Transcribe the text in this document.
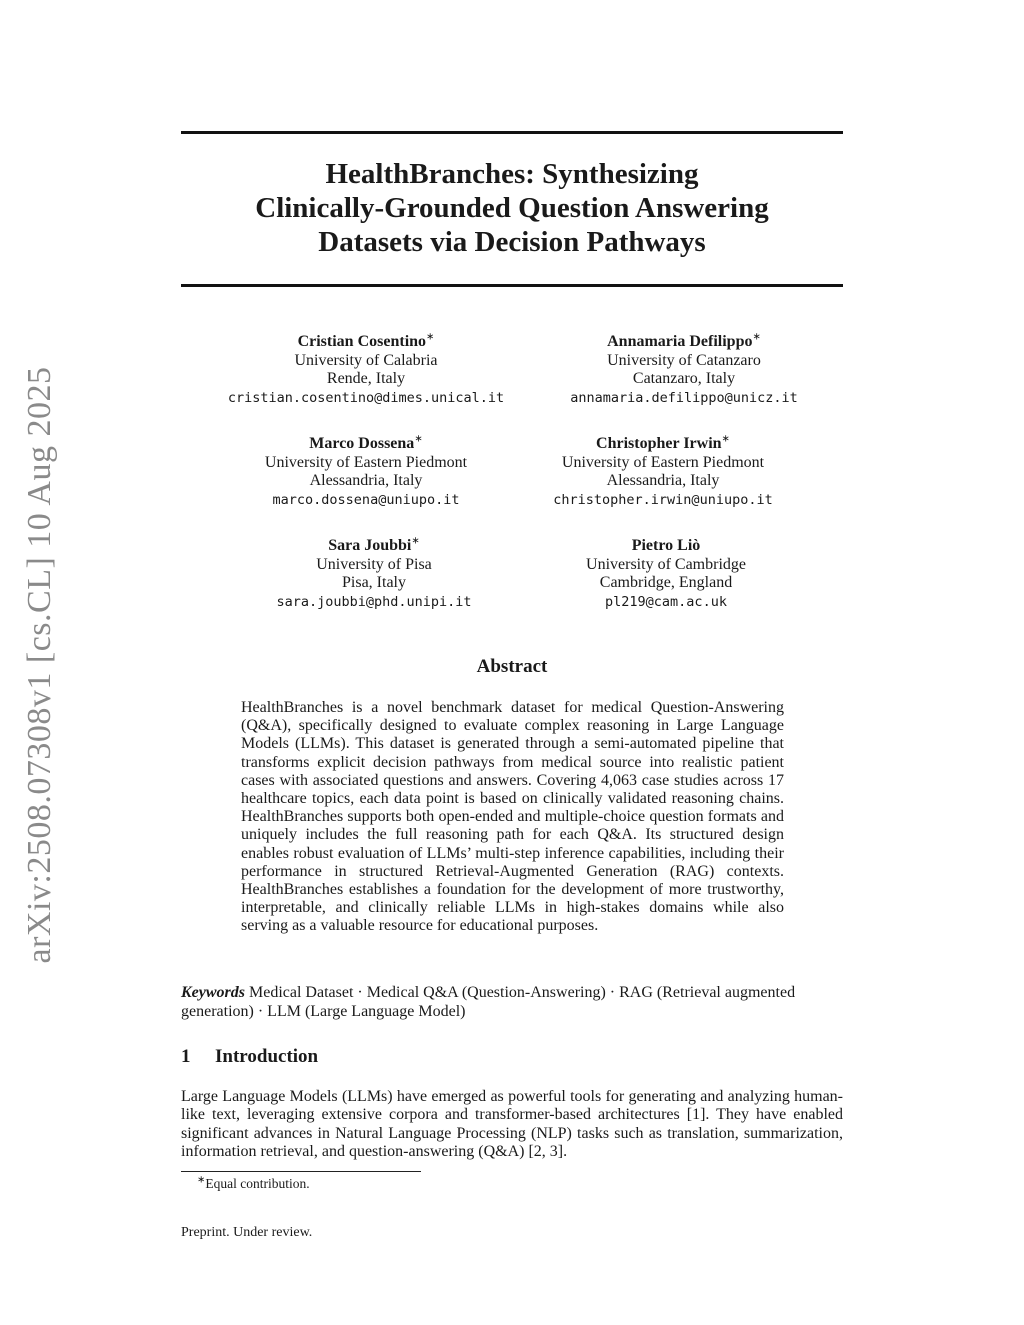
arXiv:2508.07308v1 [cs.CL] 10 Aug 2025
HealthBranches: Synthesizing
Clinically-Grounded Question Answering
Datasets via Decision Pathways
Cristian Cosentino∗
University of Calabria
Rende, Italy
cristian.cosentino@dimes.unical.it
Annamaria Defilippo∗
University of Catanzaro
Catanzaro, Italy
annamaria.defilippo@unicz.it
Marco Dossena∗
University of Eastern Piedmont
Alessandria, Italy
marco.dossena@uniupo.it
Christopher Irwin∗
University of Eastern Piedmont
Alessandria, Italy
christopher.irwin@uniupo.it
Sara Joubbi∗
University of Pisa
Pisa, Italy
sara.joubbi@phd.unipi.it
Pietro Liò
University of Cambridge
Cambridge, England
pl219@cam.ac.uk
Abstract
HealthBranches is a novel benchmark dataset for medical Question-Answering (Q&A), specifically designed to evaluate complex reasoning in Large Language Models (LLMs). This dataset is generated through a semi-automated pipeline that transforms explicit decision pathways from medical source into realistic patient cases with associated questions and answers. Covering 4,063 case studies across 17 healthcare topics, each data point is based on clinically validated reasoning chains. HealthBranches supports both open-ended and multiple-choice question formats and uniquely includes the full reasoning path for each Q&A. Its structured design enables robust evaluation of LLMs’ multi-step inference capabilities, including their performance in structured Retrieval-Augmented Generation (RAG) contexts. HealthBranches establishes a foundation for the development of more trustworthy, interpretable, and clinically reliable LLMs in high-stakes domains while also serving as a valuable resource for educational purposes.
Keywords Medical Dataset · Medical Q&A (Question-Answering) · RAG (Retrieval augmented generation) · LLM (Large Language Model)
1 Introduction
Large Language Models (LLMs) have emerged as powerful tools for generating and analyzing human-like text, leveraging extensive corpora and transformer-based architectures [1]. They have enabled significant advances in Natural Language Processing (NLP) tasks such as translation, summarization, information retrieval, and question-answering (Q&A) [2, 3].
∗Equal contribution.
Preprint. Under review.
